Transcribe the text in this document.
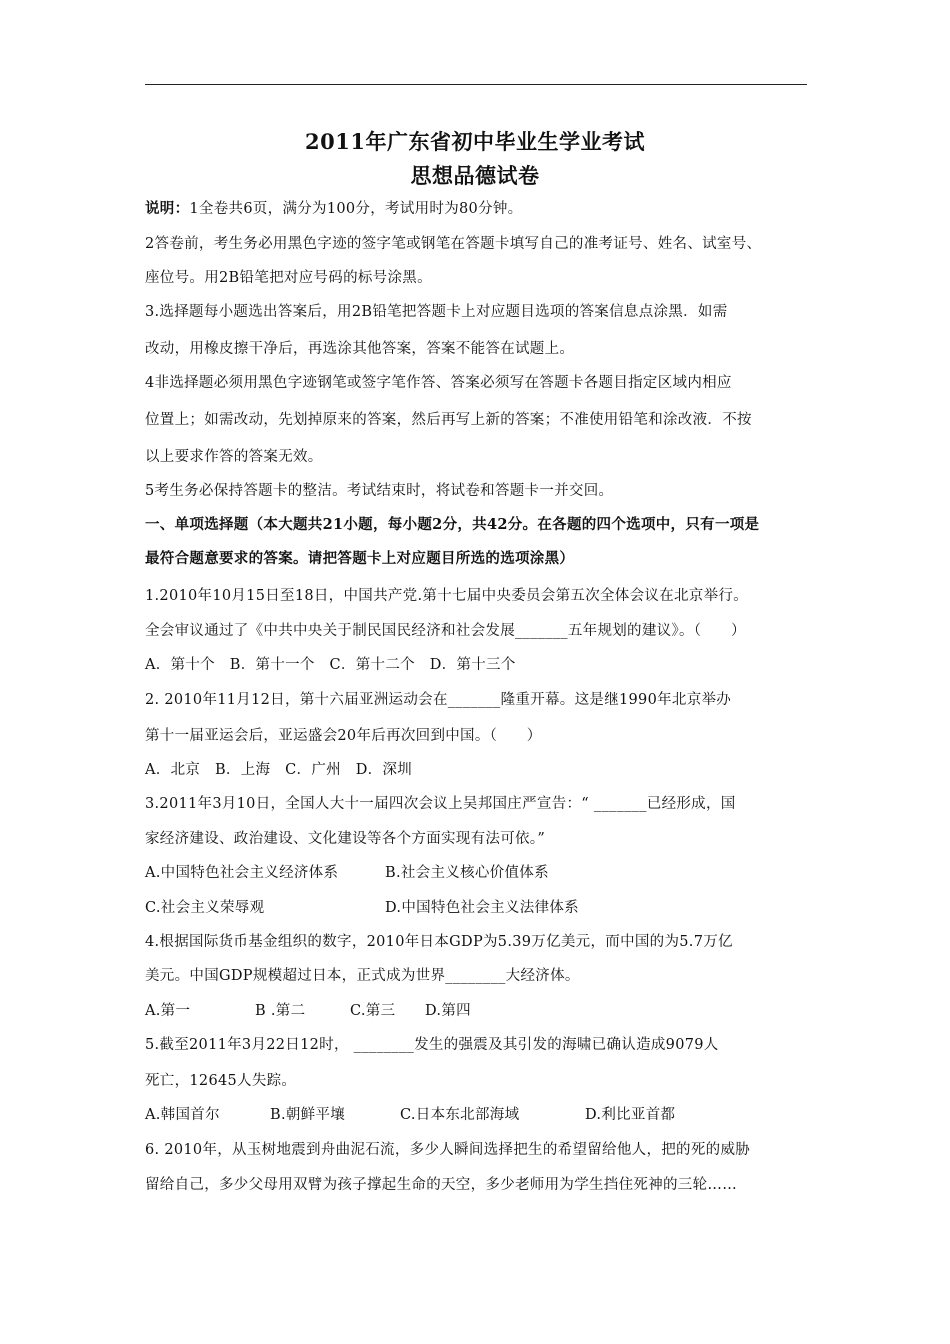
2011年广东省初中毕业生学业考试
思想品德试卷
说明：1全卷共6页，满分为100分，考试用时为80分钟。
2答卷前，考生务必用黑色字迹的签字笔或钢笔在答题卡填写自己的准考证号、姓名、试室号、
座位号。用2B铅笔把对应号码的标号涂黑。
3.选择题每小题选出答案后，用2B铅笔把答题卡上对应题目选项的答案信息点涂黑．如需
改动，用橡皮擦干净后，再选涂其他答案，答案不能答在试题上。
4非选择题必须用黑色字迹钢笔或签字笔作答、答案必须写在答题卡各题目指定区域内相应
位置上；如需改动，先划掉原来的答案，然后再写上新的答案；不准使用铅笔和涂改液．不按
以上要求作答的答案无效。
5考生务必保持答题卡的整洁。考试结束时，将试卷和答题卡一并交回。
一、单项选择题（本大题共21小题，每小题2分，共42分。在各题的四个选项中，只有一项是
最符合题意要求的答案。请把答题卡上对应题目所选的选项涂黑）
1.2010年10月15日至18日，中国共产党.第十七届中央委员会第五次全体会议在北京举行。
全会审议通过了《中共中央关于制民国民经济和社会发展_______五年规划的建议》。（　　）
A．第十个　B．第十一个　C．第十二个　D．第十三个
2. 2010年11月12日，第十六届亚洲运动会在_______隆重开幕。这是继1990年北京举办
第十一届亚运会后，亚运盛会20年后再次回到中国。（　　）
A．北京　B．上海　C．广州　D．深圳
3.2011年3月10日，全国人大十一届四次会议上吴邦国庄严宣告：“ _______已经形成，国
家经济建设、政治建设、文化建设等各个方面实现有法可依。”
A.中国特色社会主义经济体系	B.社会主义核心价值体系
C.社会主义荣辱观	D.中国特色社会主义法律体系
4.根据国际货币基金组织的数字，2010年日本GDP为5.39万亿美元，而中国的为5.7万亿
美元。中国GDP规模超过日本，正式成为世界________大经济体。
A.第一	B .第二	C.第三 D.第四
5.截至2011年3月22日12时， ________发生的强震及其引发的海啸已确认造成9079人
死亡，12645人失踪。
A.韩国首尔	B.朝鲜平壤	C.日本东北部海域	D.利比亚首都
6. 2010年，从玉树地震到舟曲泥石流，多少人瞬间选择把生的希望留给他人，把的死的威胁
留给自己，多少父母用双臂为孩子撑起生命的天空，多少老师用为学生挡住死神的三轮……
